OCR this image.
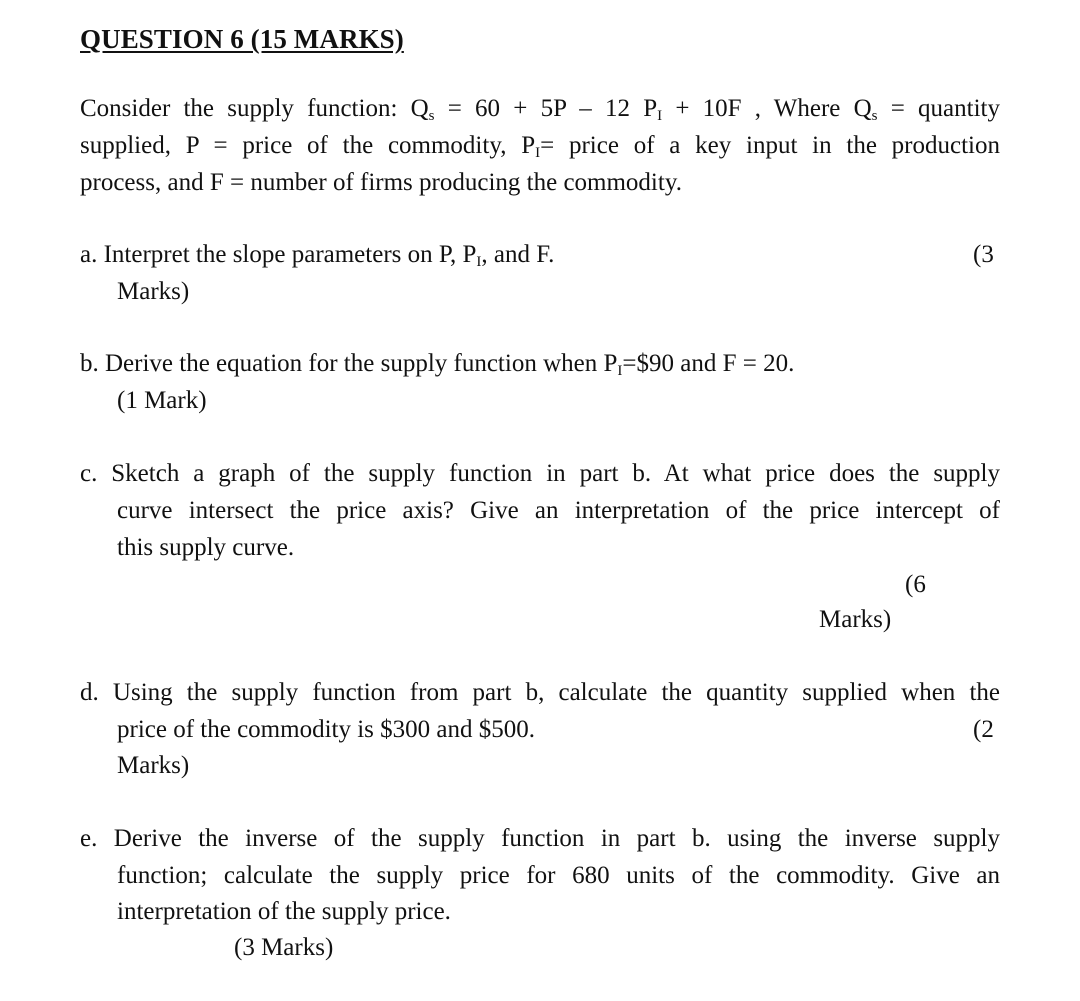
QUESTION 6 (15 MARKS)
Consider the supply function: $Q_s = 60 + 5P - 12$ $P_I + 10F$ , Where $Q_s$ = quantity
supplied, P = price of the commodity, $P_I=$ price of a key input in the production
process, and F = number of firms producing the commodity.
a. Interpret the slope parameters on P, $P_I$, and F.	(3
Marks)
b. Derive the equation for the supply function when $P_I=\$90$ and F = 20.
(1 Mark)
c. Sketch a graph of the supply function in part b. At what price does the supply
curve intersect the price axis? Give an interpretation of the price intercept of
this supply curve.
(6
Marks)
d. Using the supply function from part b, calculate the quantity supplied when the
price of the commodity is $300 and $500.	(2
Marks)
e. Derive the inverse of the supply function in part b. using the inverse supply
function; calculate the supply price for 680 units of the commodity. Give an
interpretation of the supply price.
(3 Marks)
